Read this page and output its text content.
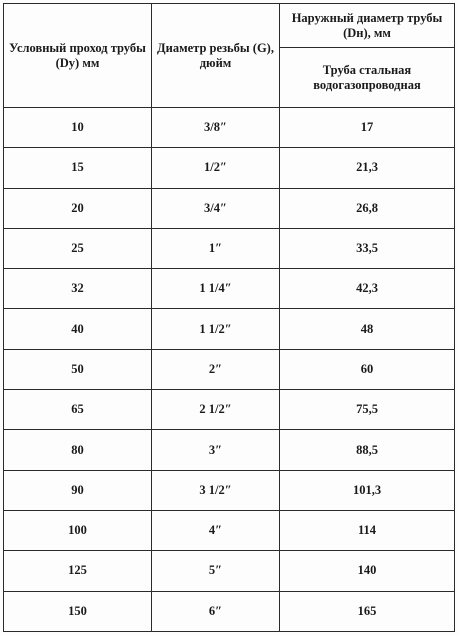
Условный проход трубы (Dy) мм	Диаметр резьбы (G), дюйм	Наружный диаметр трубы (Dн), мм
		Труба стальная водогазопроводная
10	3/8″	17
15	1/2″	21,3
20	3/4″	26,8
25	1″	33,5
32	1 1/4″	42,3
40	1 1/2″	48
50	2″	60
65	2 1/2″	75,5
80	3″	88,5
90	3 1/2″	101,3
100	4″	114
125	5″	140
150	6″	165
